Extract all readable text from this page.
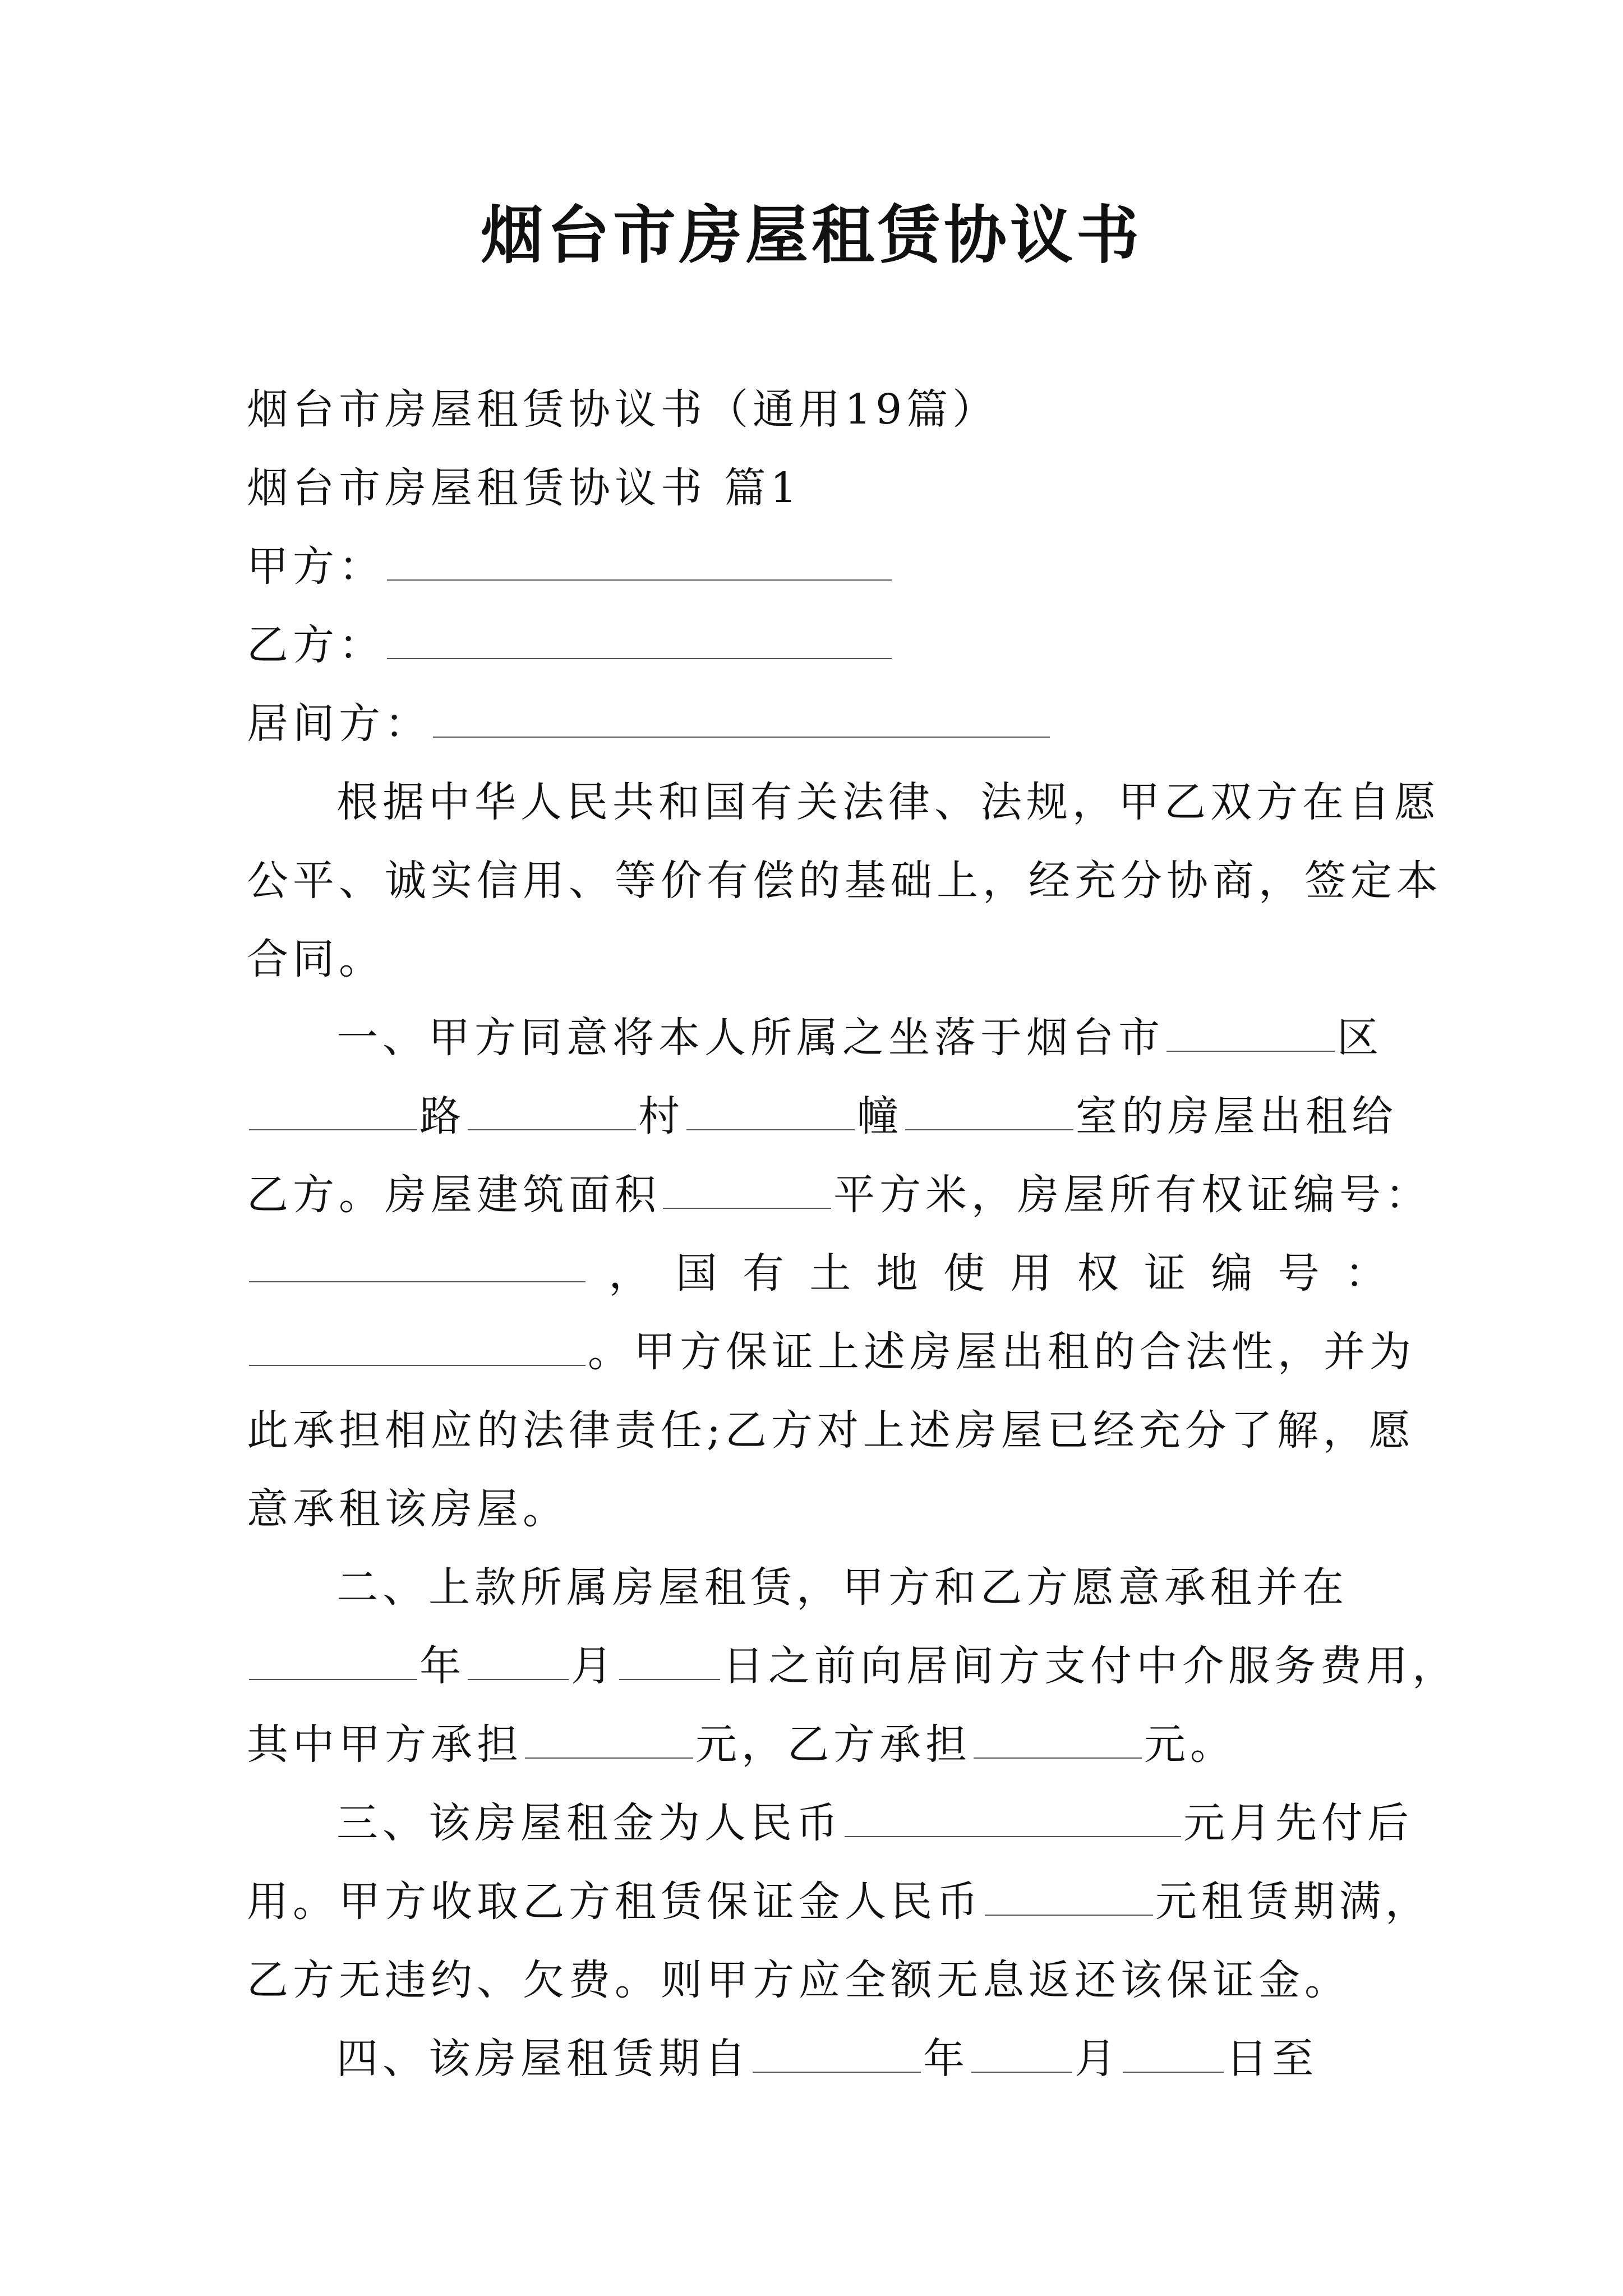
烟台市房屋租赁协议书
烟台市房屋租赁协议书（通用19篇）
烟台市房屋租赁协议书 篇1
甲方：
乙方：
居间方：
根据中华人民共和国有关法律、法规，甲乙双方在自愿
公平、诚实信用、等价有偿的基础上，经充分协商，签定本
合同。
一、甲方同意将本人所属之坐落于烟台市	区
路	村	幢	室的房屋出租给
乙方。房屋建筑面积	平方米，房屋所有权证编号：
， 国 有 土 地 使 用 权 证 编 号 ：
。甲方保证上述房屋出租的合法性，并为
此承担相应的法律责任;乙方对上述房屋已经充分了解，愿
意承租该房屋。
二、上款所属房屋租赁，甲方和乙方愿意承租并在
年	月	日之前向居间方支付中介服务费用，
其中甲方承担	元，乙方承担	元。
三、该房屋租金为人民币	元月先付后
用。甲方收取乙方租赁保证金人民币	元租赁期满，
乙方无违约、欠费。则甲方应全额无息返还该保证金。
四、该房屋租赁期自	年	月	日至
